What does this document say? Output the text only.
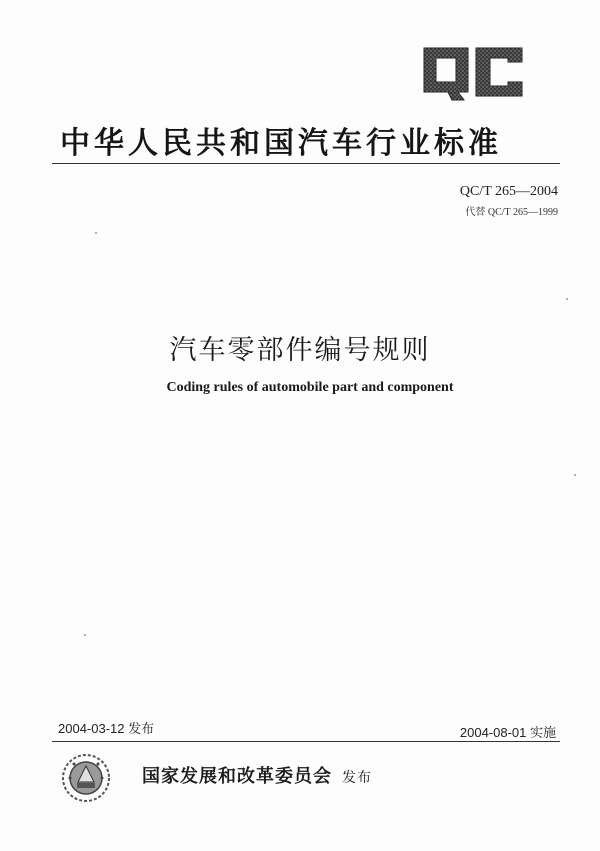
中华人民共和国汽车行业标准
QC/T 265—2004
代替 QC/T 265—1999
汽车零部件编号规则
Coding rules of automobile part and component
2004-03-12 发布	2004-08-01 实施
国家发展和改革委员会 发布
